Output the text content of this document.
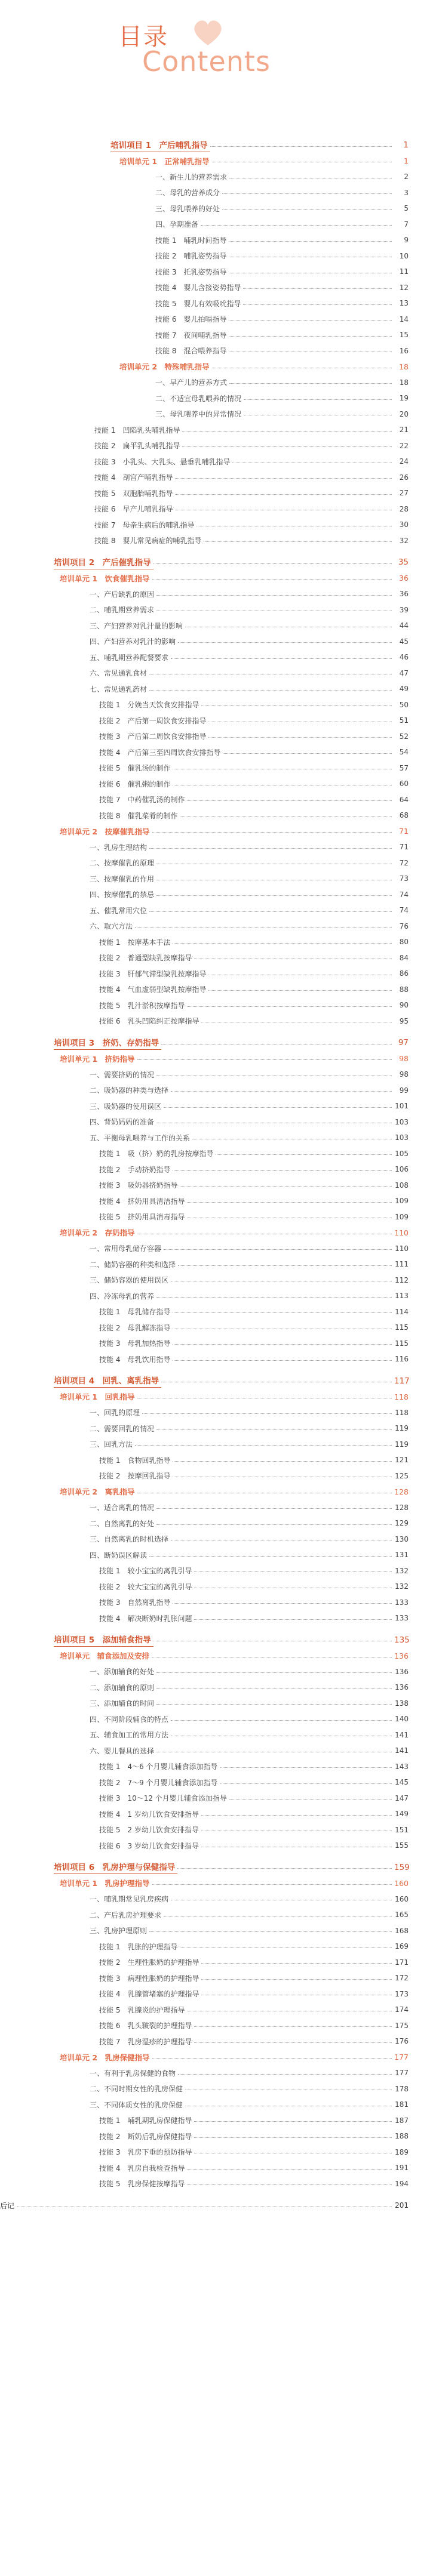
目录
Contents
培训项目 1　产后哺乳指导	1
培训单元 1　正常哺乳指导	1
一、新生儿的营养需求	2
二、母乳的营养成分	3
三、母乳喂养的好处	5
四、孕期准备	7
技能 1　哺乳时间指导	9
技能 2　哺乳姿势指导	10
技能 3　托乳姿势指导	11
技能 4　婴儿含接姿势指导	12
技能 5　婴儿有效吸吮指导	13
技能 6　婴儿拍嗝指导	14
技能 7　夜间哺乳指导	15
技能 8　混合喂养指导	16
培训单元 2　特殊哺乳指导	18
一、早产儿的营养方式	18
二、不适宜母乳喂养的情况	19
三、母乳喂养中的异常情况	20
技能 1　凹陷乳头哺乳指导	21
技能 2　扁平乳头哺乳指导	22
技能 3　小乳头、大乳头、悬垂乳哺乳指导	24
技能 4　剖宫产哺乳指导	26
技能 5　双胞胎哺乳指导	27
技能 6　早产儿哺乳指导	28
技能 7　母亲生病后的哺乳指导	30
技能 8　婴儿常见病症的哺乳指导	32
培训项目 2　产后催乳指导	35
培训单元 1　饮食催乳指导	36
一、产后缺乳的原因	36
二、哺乳期营养需求	39
三、产妇营养对乳汁量的影响	44
四、产妇营养对乳汁的影响	45
五、哺乳期营养配餐要求	46
六、常见通乳食材	47
七、常见通乳药材	49
技能 1　分娩当天饮食安排指导	50
技能 2　产后第一周饮食安排指导	51
技能 3　产后第二周饮食安排指导	52
技能 4　产后第三至四周饮食安排指导	54
技能 5　催乳汤的制作	57
技能 6　催乳粥的制作	60
技能 7　中药催乳汤的制作	64
技能 8　催乳菜肴的制作	68
培训单元 2　按摩催乳指导	71
一、乳房生理结构	71
二、按摩催乳的原理	72
三、按摩催乳的作用	73
四、按摩催乳的禁忌	74
五、催乳常用穴位	74
六、取穴方法	76
技能 1　按摩基本手法	80
技能 2　普通型缺乳按摩指导	84
技能 3　肝郁气滞型缺乳按摩指导	86
技能 4　气血虚弱型缺乳按摩指导	88
技能 5　乳汁淤积按摩指导	90
技能 6　乳头凹陷纠正按摩指导	95
培训项目 3　挤奶、存奶指导	97
培训单元 1　挤奶指导	98
一、需要挤奶的情况	98
二、吸奶器的种类与选择	99
三、吸奶器的使用误区	101
四、背奶妈妈的准备	103
五、平衡母乳喂养与工作的关系	103
技能 1　吸（挤）奶的乳房按摩指导	105
技能 2　手动挤奶指导	106
技能 3　吸奶器挤奶指导	108
技能 4　挤奶用具清洁指导	109
技能 5　挤奶用具消毒指导	109
培训单元 2　存奶指导	110
一、常用母乳储存容器	110
二、储奶容器的种类和选择	111
三、储奶容器的使用误区	112
四、冷冻母乳的营养	113
技能 1　母乳储存指导	114
技能 2　母乳解冻指导	115
技能 3　母乳加热指导	115
技能 4　母乳饮用指导	116
培训项目 4　回乳、离乳指导	117
培训单元 1　回乳指导	118
一、回乳的原理	118
二、需要回乳的情况	119
三、回乳方法	119
技能 1　食物回乳指导	121
技能 2　按摩回乳指导	125
培训单元 2　离乳指导	128
一、适合离乳的情况	128
二、自然离乳的好处	129
三、自然离乳的时机选择	130
四、断奶误区解读	131
技能 1　较小宝宝的离乳引导	132
技能 2　较大宝宝的离乳引导	132
技能 3　自然离乳指导	133
技能 4　解决断奶时乳胀问题	133
培训项目 5　添加辅食指导	135
培训单元　辅食添加及安排	136
一、添加辅食的好处	136
二、添加辅食的原则	136
三、添加辅食的时间	138
四、不同阶段辅食的特点	140
五、辅食加工的常用方法	141
六、婴儿餐具的选择	141
技能 1　4～6 个月婴儿辅食添加指导	143
技能 2　7～9 个月婴儿辅食添加指导	145
技能 3　10～12 个月婴儿辅食添加指导	147
技能 4　1 岁幼儿饮食安排指导	149
技能 5　2 岁幼儿饮食安排指导	151
技能 6　3 岁幼儿饮食安排指导	155
培训项目 6　乳房护理与保健指导	159
培训单元 1　乳房护理指导	160
一、哺乳期常见乳房疾病	160
二、产后乳房护理要求	165
三、乳房护理原则	168
技能 1　乳胀的护理指导	169
技能 2　生理性胀奶的护理指导	171
技能 3　病理性胀奶的护理指导	172
技能 4　乳腺管堵塞的护理指导	173
技能 5　乳腺炎的护理指导	174
技能 6　乳头皲裂的护理指导	175
技能 7　乳房湿疹的护理指导	176
培训单元 2　乳房保健指导	177
一、有利于乳房保健的食物	177
二、不同时期女性的乳房保健	178
三、不同体质女性的乳房保健	181
技能 1　哺乳期乳房保健指导	187
技能 2　断奶后乳房保健指导	188
技能 3　乳房下垂的预防指导	189
技能 4　乳房自我检查指导	191
技能 5　乳房保健按摩指导	194
后记	201
